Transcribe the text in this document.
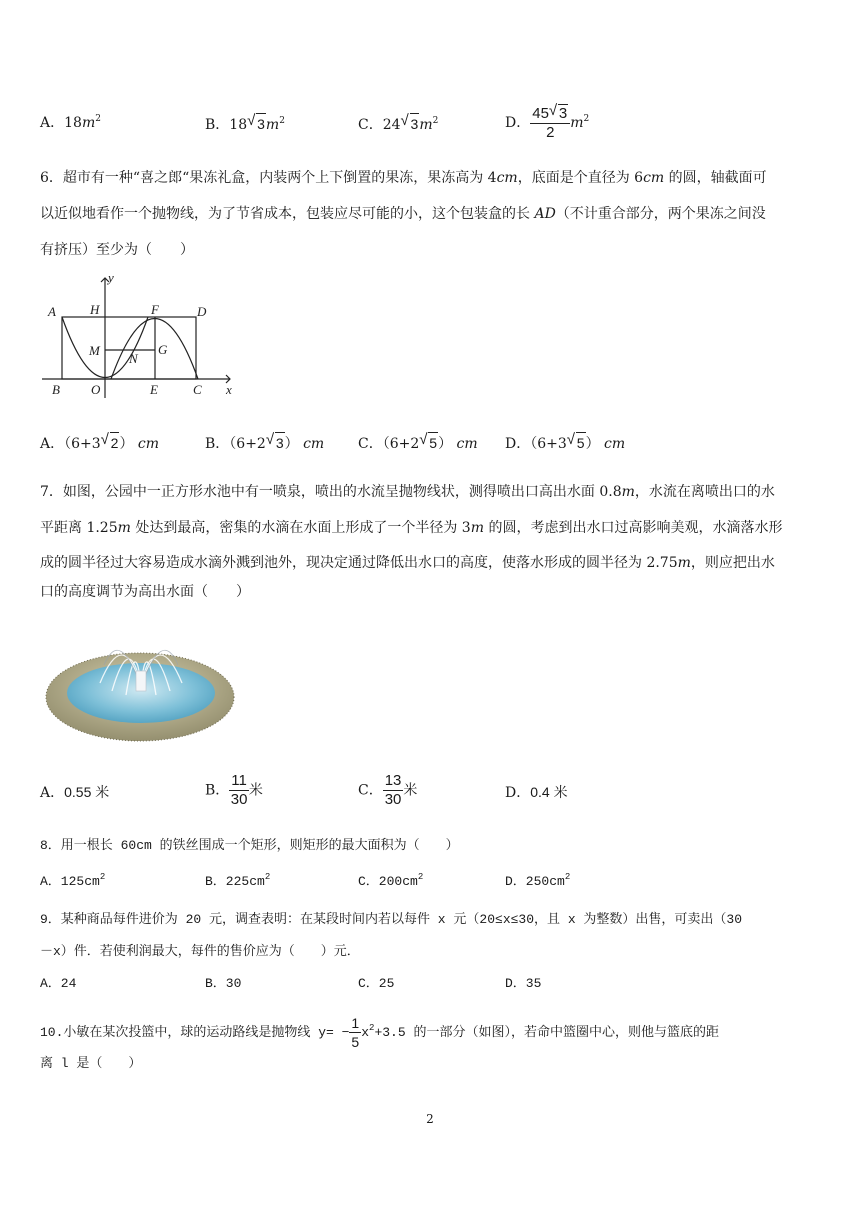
A．$18m^2$	B．18 √ $3m^2$	C．24 √ $3m^2$	D． $\frac{45 √ 3}{2} m^2$
6．超市有一种“喜之郎“果冻礼盒，内装两个上下倒置的果冻，果冻高为 4cm，底面是个直径为 6cm 的圆，轴截面可
以近似地看作一个抛物线，为了节省成本，包装应尽可能的小，这个包装盒的长 AD（不计重合部分，两个果冻之间没
有挤压）至少为（　　）
y
x
A	H	F	D
M
N
G
B O	E	C
A．（6+3 √ 2） cm	B．（6+2 √ 3） cm C．（6+2 √ 5） cm D．（6+3 √ 5） cm
7．如图，公园中一正方形水池中有一喷泉，喷出的水流呈抛物线状，测得喷出口高出水面 0.8m，水流在离喷出口的水
平距离 1.25m 处达到最高，密集的水滴在水面上形成了一个半径为 3m 的圆，考虑到出水口过高影响美观，水滴落水形
成的圆半径过大容易造成水滴外溅到池外，现决定通过降低出水口的高度，使落水形成的圆半径为 2.75m，则应把出水
口的高度调节为高出水面（　　）
A．0.55 米	B． $\frac{11}{30}$ 米	C． $\frac{13}{30}$ 米	D．0.4 米
8．用一根长 60cm 的铁丝围成一个矩形，则矩形的最大面积为（　　）
A．$125cm^2$	B．$225cm^2$	C．$200cm^2$	D．$250cm^2$
9．某种商品每件进价为 20 元，调查表明：在某段时间内若以每件 x 元（20≤x≤30，且 x 为整数）出售，可卖出（30
－x）件．若使利润最大，每件的售价应为（　　）元．
A．24	B．30	C．25	D．35
10.小敏在某次投篮中，球的运动路线是抛物线 $y= - \frac{1}{5} x^2+3.5$ 的一部分（如图），若命中篮圈中心，则他与篮底的距
离 l 是（　　）
2
